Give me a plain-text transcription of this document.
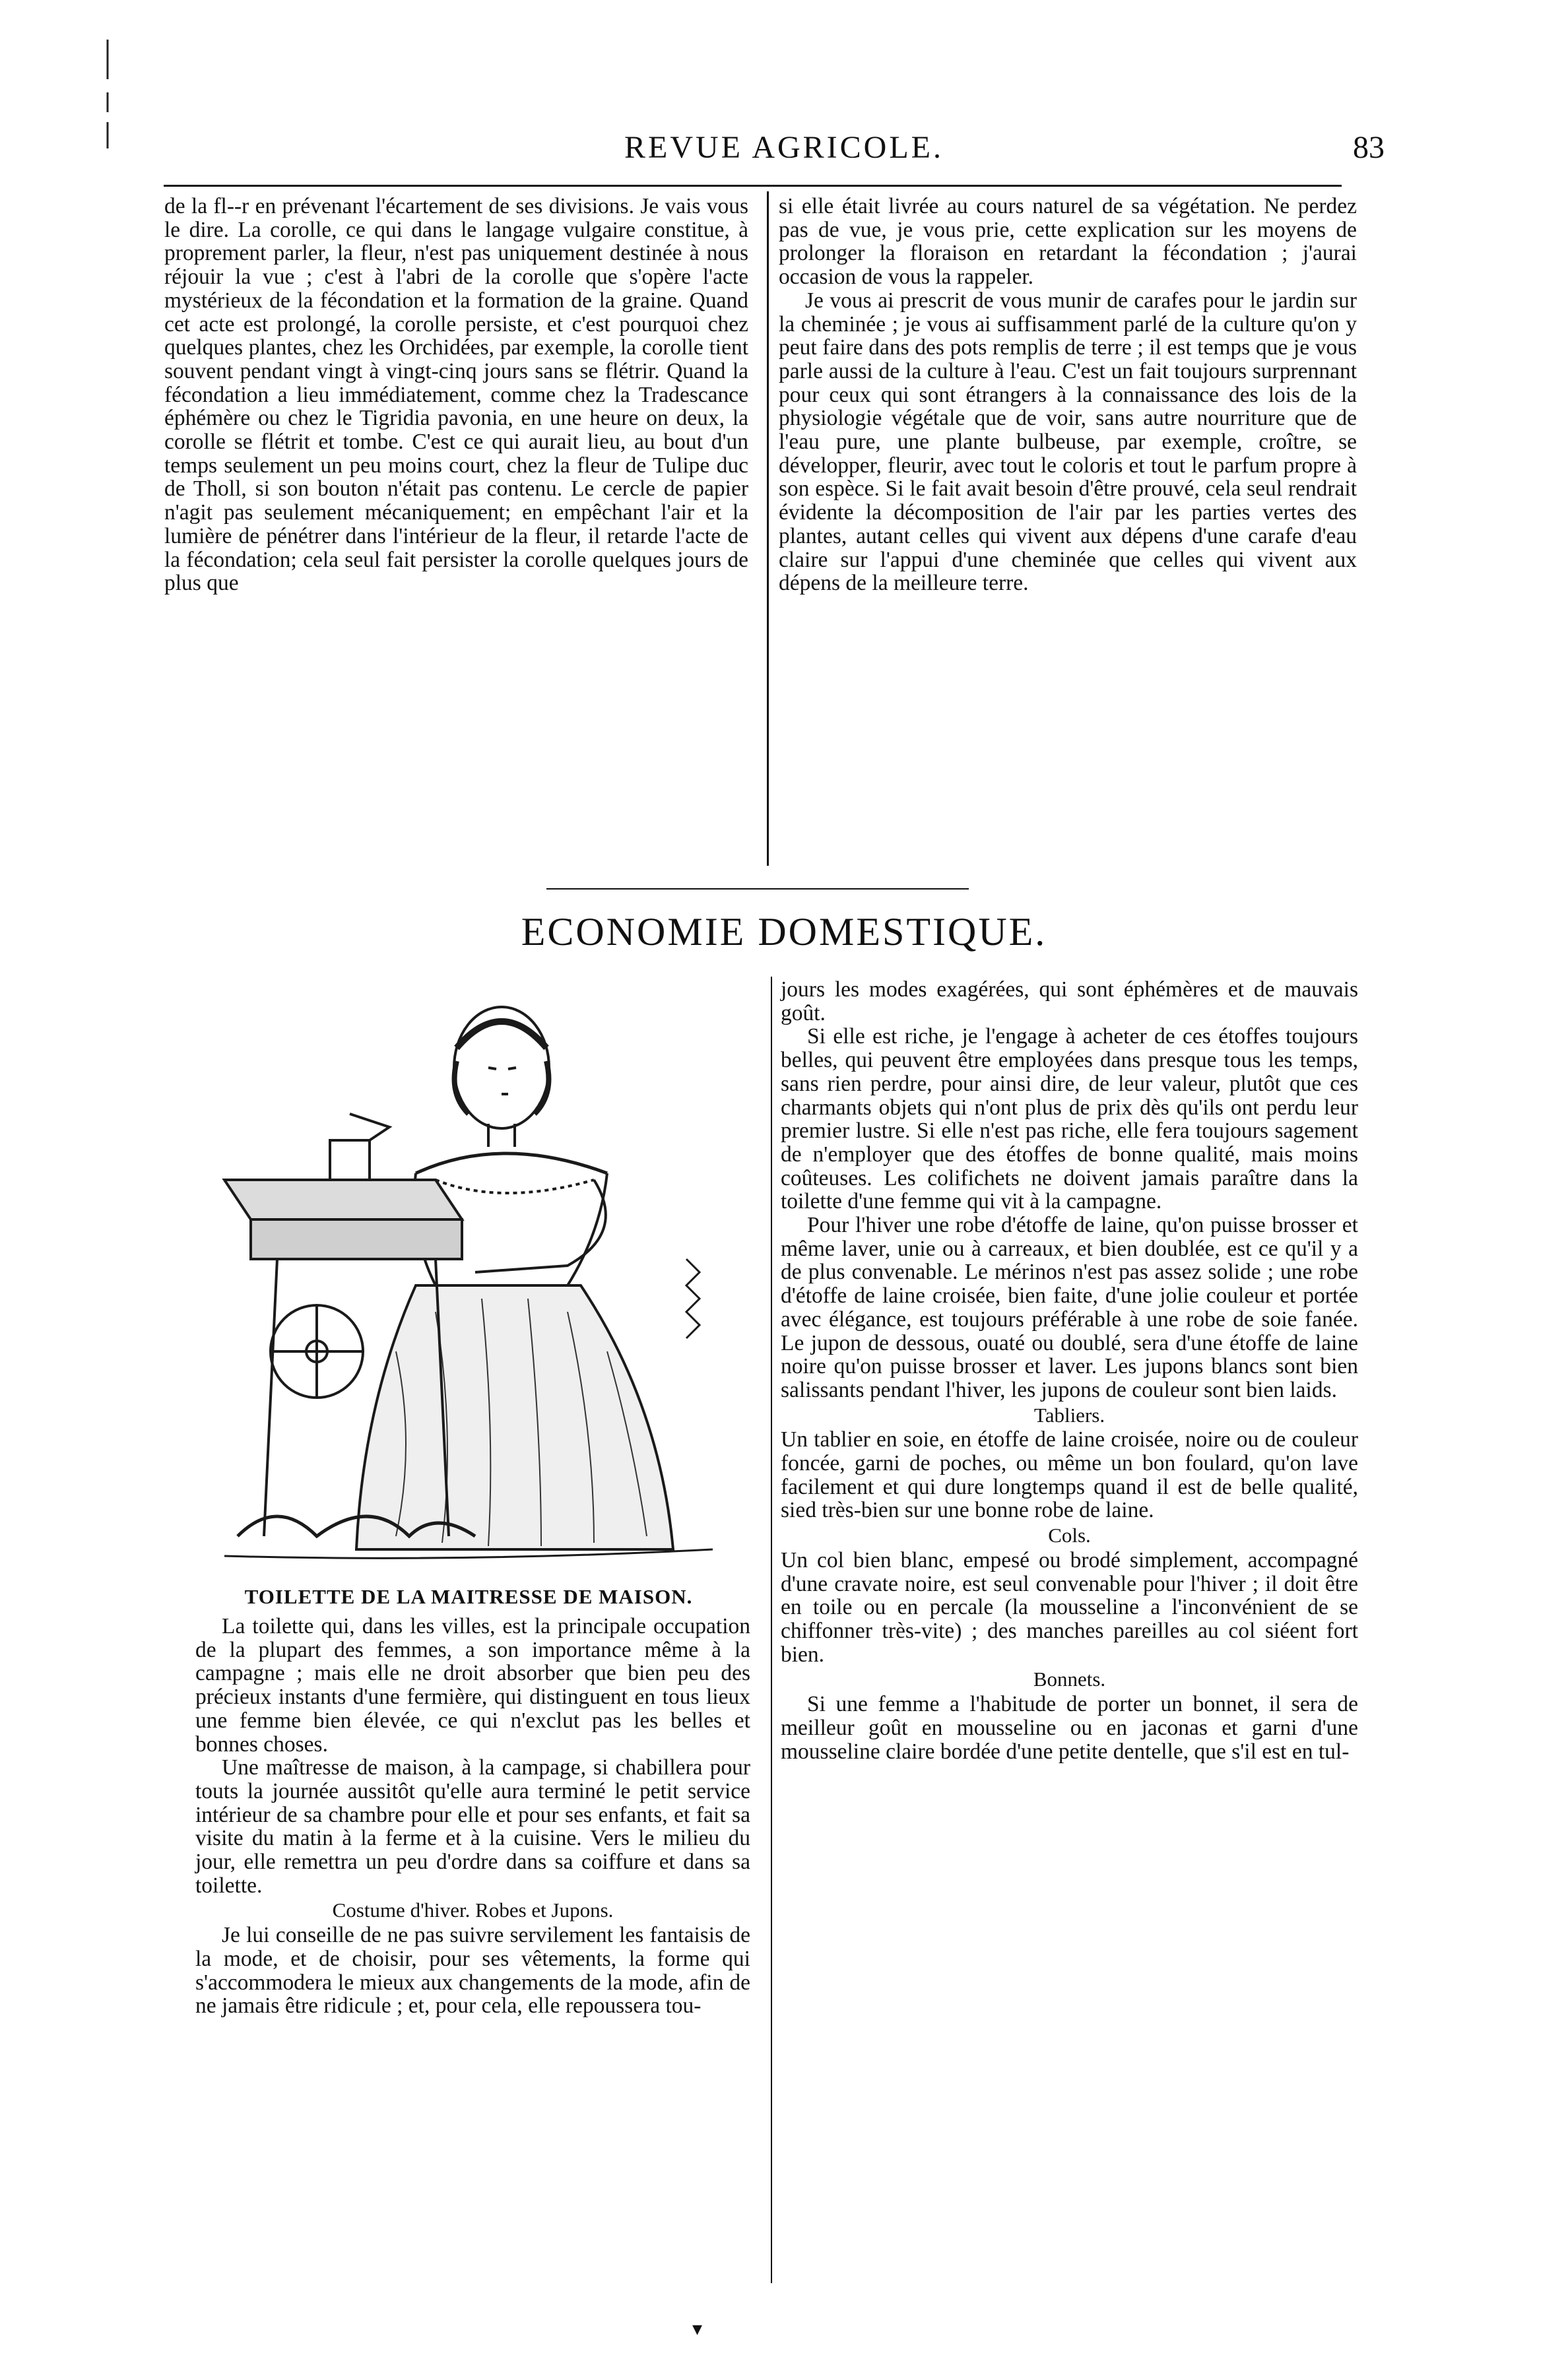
REVUE AGRICOLE.	83

de la fl‐‐r en prévenant l'écartement de ses divisions. Je vais vous le dire. La corolle, ce qui dans le langage vulgaire constitue, à proprement parler, la fleur, n'est pas uniquement destinée à nous réjouir la vue ; c'est à l'abri de la corolle que s'opère l'acte mystérieux de la fécondation et la formation de la graine. Quand cet acte est prolongé, la corolle persiste, et c'est pourquoi chez quelques plantes, chez les Orchidées, par exemple, la corolle tient souvent pendant vingt à vingt-cinq jours sans se flétrir. Quand la fécondation a lieu immédiatement, comme chez la Tradescance éphémère ou chez le Tigridia pavonia, en une heure on deux, la corolle se flétrit et tombe. C'est ce qui aurait lieu, au bout d'un temps seulement un peu moins court, chez la fleur de Tulipe duc de Tholl, si son bouton n'était pas contenu. Le cercle de papier n'agit pas seulement mécaniquement; en empêchant l'air et la lumière de pénétrer dans l'intérieur de la fleur, il retarde l'acte de la fécondation; cela seul fait persister la corolle quelques jours de plus que

si elle était livrée au cours naturel de sa végétation. Ne perdez pas de vue, je vous prie, cette explication sur les moyens de prolonger la floraison en retardant la fécondation ; j'aurai occasion de vous la rappeler.

Je vous ai prescrit de vous munir de carafes pour le jardin sur la cheminée ; je vous ai suffisamment parlé de la culture qu'on y peut faire dans des pots remplis de terre ; il est temps que je vous parle aussi de la culture à l'eau. C'est un fait toujours surprennant pour ceux qui sont étrangers à la connaissance des lois de la physiologie végétale que de voir, sans autre nourriture que de l'eau pure, une plante bulbeuse, par exemple, croître, se développer, fleurir, avec tout le coloris et tout le parfum propre à son espèce. Si le fait avait besoin d'être prouvé, cela seul rendrait évidente la décomposition de l'air par les parties vertes des plantes, autant celles qui vivent aux dépens d'une carafe d'eau claire sur l'appui d'une cheminée que celles qui vivent aux dépens de la meilleure terre.

ECONOMIE DOMESTIQUE.
TOILETTE DE LA MAITRESSE DE MAISON.

La toilette qui, dans les villes, est la principale occupation de la plupart des femmes, a son importance même à la campagne ; mais elle ne droit absorber que bien peu des précieux instants d'une fermière, qui distinguent en tous lieux une femme bien élevée, ce qui n'exclut pas les belles et bonnes choses.

Une maîtresse de maison, à la campage, si chabillera pour touts la journée aussitôt qu'elle aura terminé le petit service intérieur de sa chambre pour elle et pour ses enfants, et fait sa visite du matin à la ferme et à la cuisine. Vers le milieu du jour, elle remettra un peu d'ordre dans sa coiffure et dans sa toilette.

Costume d'hiver. Robes et Jupons.

Je lui conseille de ne pas suivre servilement les fantaisis de la mode, et de choisir, pour ses vêtements, la forme qui s'accommodera le mieux aux changements de la mode, afin de ne jamais être ridicule ; et, pour cela, elle repoussera tou-

jours les modes exagérées, qui sont éphémères et de mauvais goût.

Si elle est riche, je l'engage à acheter de ces étoffes toujours belles, qui peuvent être employées dans presque tous les temps, sans rien perdre, pour ainsi dire, de leur valeur, plutôt que ces charmants objets qui n'ont plus de prix dès qu'ils ont perdu leur premier lustre. Si elle n'est pas riche, elle fera toujours sagement de n'employer que des étoffes de bonne qualité, mais moins coûteuses. Les colifichets ne doivent jamais paraître dans la toilette d'une femme qui vit à la campagne.

Pour l'hiver une robe d'étoffe de laine, qu'on puisse brosser et même laver, unie ou à carreaux, et bien doublée, est ce qu'il y a de plus convenable. Le mérinos n'est pas assez solide ; une robe d'étoffe de laine croisée, bien faite, d'une jolie couleur et portée avec élégance, est toujours préférable à une robe de soie fanée. Le jupon de dessous, ouaté ou doublé, sera d'une étoffe de laine noire qu'on puisse brosser et laver. Les jupons blancs sont bien salissants pendant l'hiver, les jupons de couleur sont bien laids.

Tabliers.

Un tablier en soie, en étoffe de laine croisée, noire ou de couleur foncée, garni de poches, ou même un bon foulard, qu'on lave facilement et qui dure longtemps quand il est de belle qualité, sied très-bien sur une bonne robe de laine.

Cols.

Un col bien blanc, empesé ou brodé simplement, accompagné d'une cravate noire, est seul convenable pour l'hiver ; il doit être en toile ou en percale (la mousseline a l'inconvénient de se chiffonner très-vite) ; des manches pareilles au col siéent fort bien.

Bonnets.

Si une femme a l'habitude de porter un bonnet, il sera de meilleur goût en mousseline ou en jaconas et garni d'une mousseline claire bordée d'une petite dentelle, que s'il est en tul-

▾
